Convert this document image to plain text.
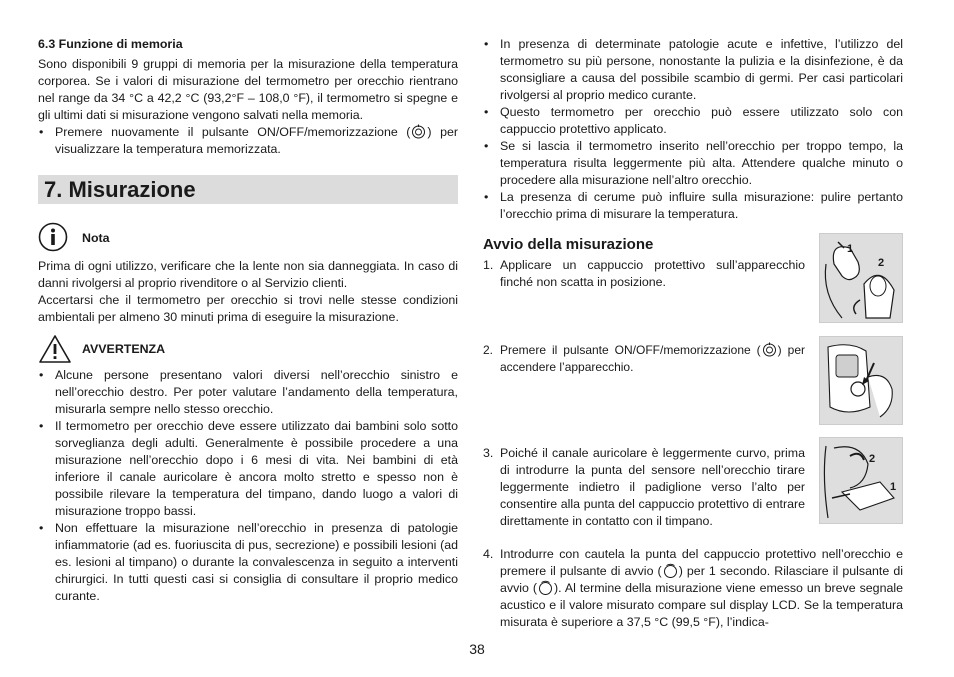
6.3 Funzione di memoria

Sono disponibili 9 gruppi di memoria per la misurazione della temperatura corporea. Se i valori di misurazione del termometro per orecchio rientrano nel range da 34 °C a 42,2 °C (93,2°F – 108,0 °F), il termometro si spegne e gli ultimi dati si misurazione vengono salvati nella memoria.

• Premere nuovamente il pulsante ON/OFF/memorizzazione ( ) per visualizzare la temperatura memorizzata.
7. Misurazione
Nota

Prima di ogni utilizzo, verificare che la lente non sia danneggiata. In caso di danni rivolgersi al proprio rivenditore o al Servizio clienti.

Accertarsi che il termometro per orecchio si trovi nelle stesse condizioni ambientali per almeno 30 minuti prima di eseguire la misurazione.

AVVERTENZA
• Alcune persone presentano valori diversi nell’orecchio sinistro e nell’orecchio destro. Per poter valutare l’andamento della temperatura, misurarla sempre nello stesso orecchio.
• Il termometro per orecchio deve essere utilizzato dai bambini solo sotto sorveglianza degli adulti. Generalmente è possibile procedere a una misurazione nell’orecchio dopo i 6 mesi di vita. Nei bambini di età inferiore il canale auricolare è ancora molto stretto e spesso non è possibile rilevare la temperatura del timpano, dando luogo a valori di misurazione troppo bassi.
• Non effettuare la misurazione nell’orecchio in presenza di patologie infiammatorie (ad es. fuoriuscita di pus, secrezione) e possibili lesioni (ad es. lesioni al timpano) o durante la convalescenza in seguito a interventi chirurgici. In tutti questi casi si consiglia di consultare il proprio medico curante.
• In presenza di determinate patologie acute e infettive, l’utilizzo del termometro su più persone, nonostante la pulizia e la disinfezione, è da sconsigliare a causa del possibile scambio di germi. Per casi particolari rivolgersi al proprio medico curante.
• Questo termometro per orecchio può essere utilizzato solo con cappuccio protettivo applicato.
• Se si lascia il termometro inserito nell’orecchio per troppo tempo, la temperatura risulta leggermente più alta. Attendere qualche minuto o procedere alla misurazione nell’altro orecchio.
• La presenza di cerume può influire sulla misurazione: pulire pertanto l’orecchio prima di misurare la temperatura.
Avvio della misurazione
1. Applicare un cappuccio protettivo sull’apparecchio finché non scatta in posizione.
1
2
2. Premere il pulsante ON/OFF/memorizzazione ( ) per accendere l’apparecchio.
3. Poiché il canale auricolare è leggermente curvo, prima di introdurre la punta del sensore nell’orecchio tirare leggermente indietro il padiglione verso l’alto per consentire alla punta del cappuccio protettivo di entrare direttamente in contatto con il timpano.
2
1
4. Introdurre con cautela la punta del cappuccio protettivo nell’orecchio e premere il pulsante di avvio ( ) per 1 secondo. Rilasciare il pulsante di avvio ( ). Al termine della misurazione viene emesso un breve segnale acustico e il valore misurato compare sul display LCD. Se la temperatura misurata è superiore a 37,5 °C (99,5 °F), l’indica-
38
